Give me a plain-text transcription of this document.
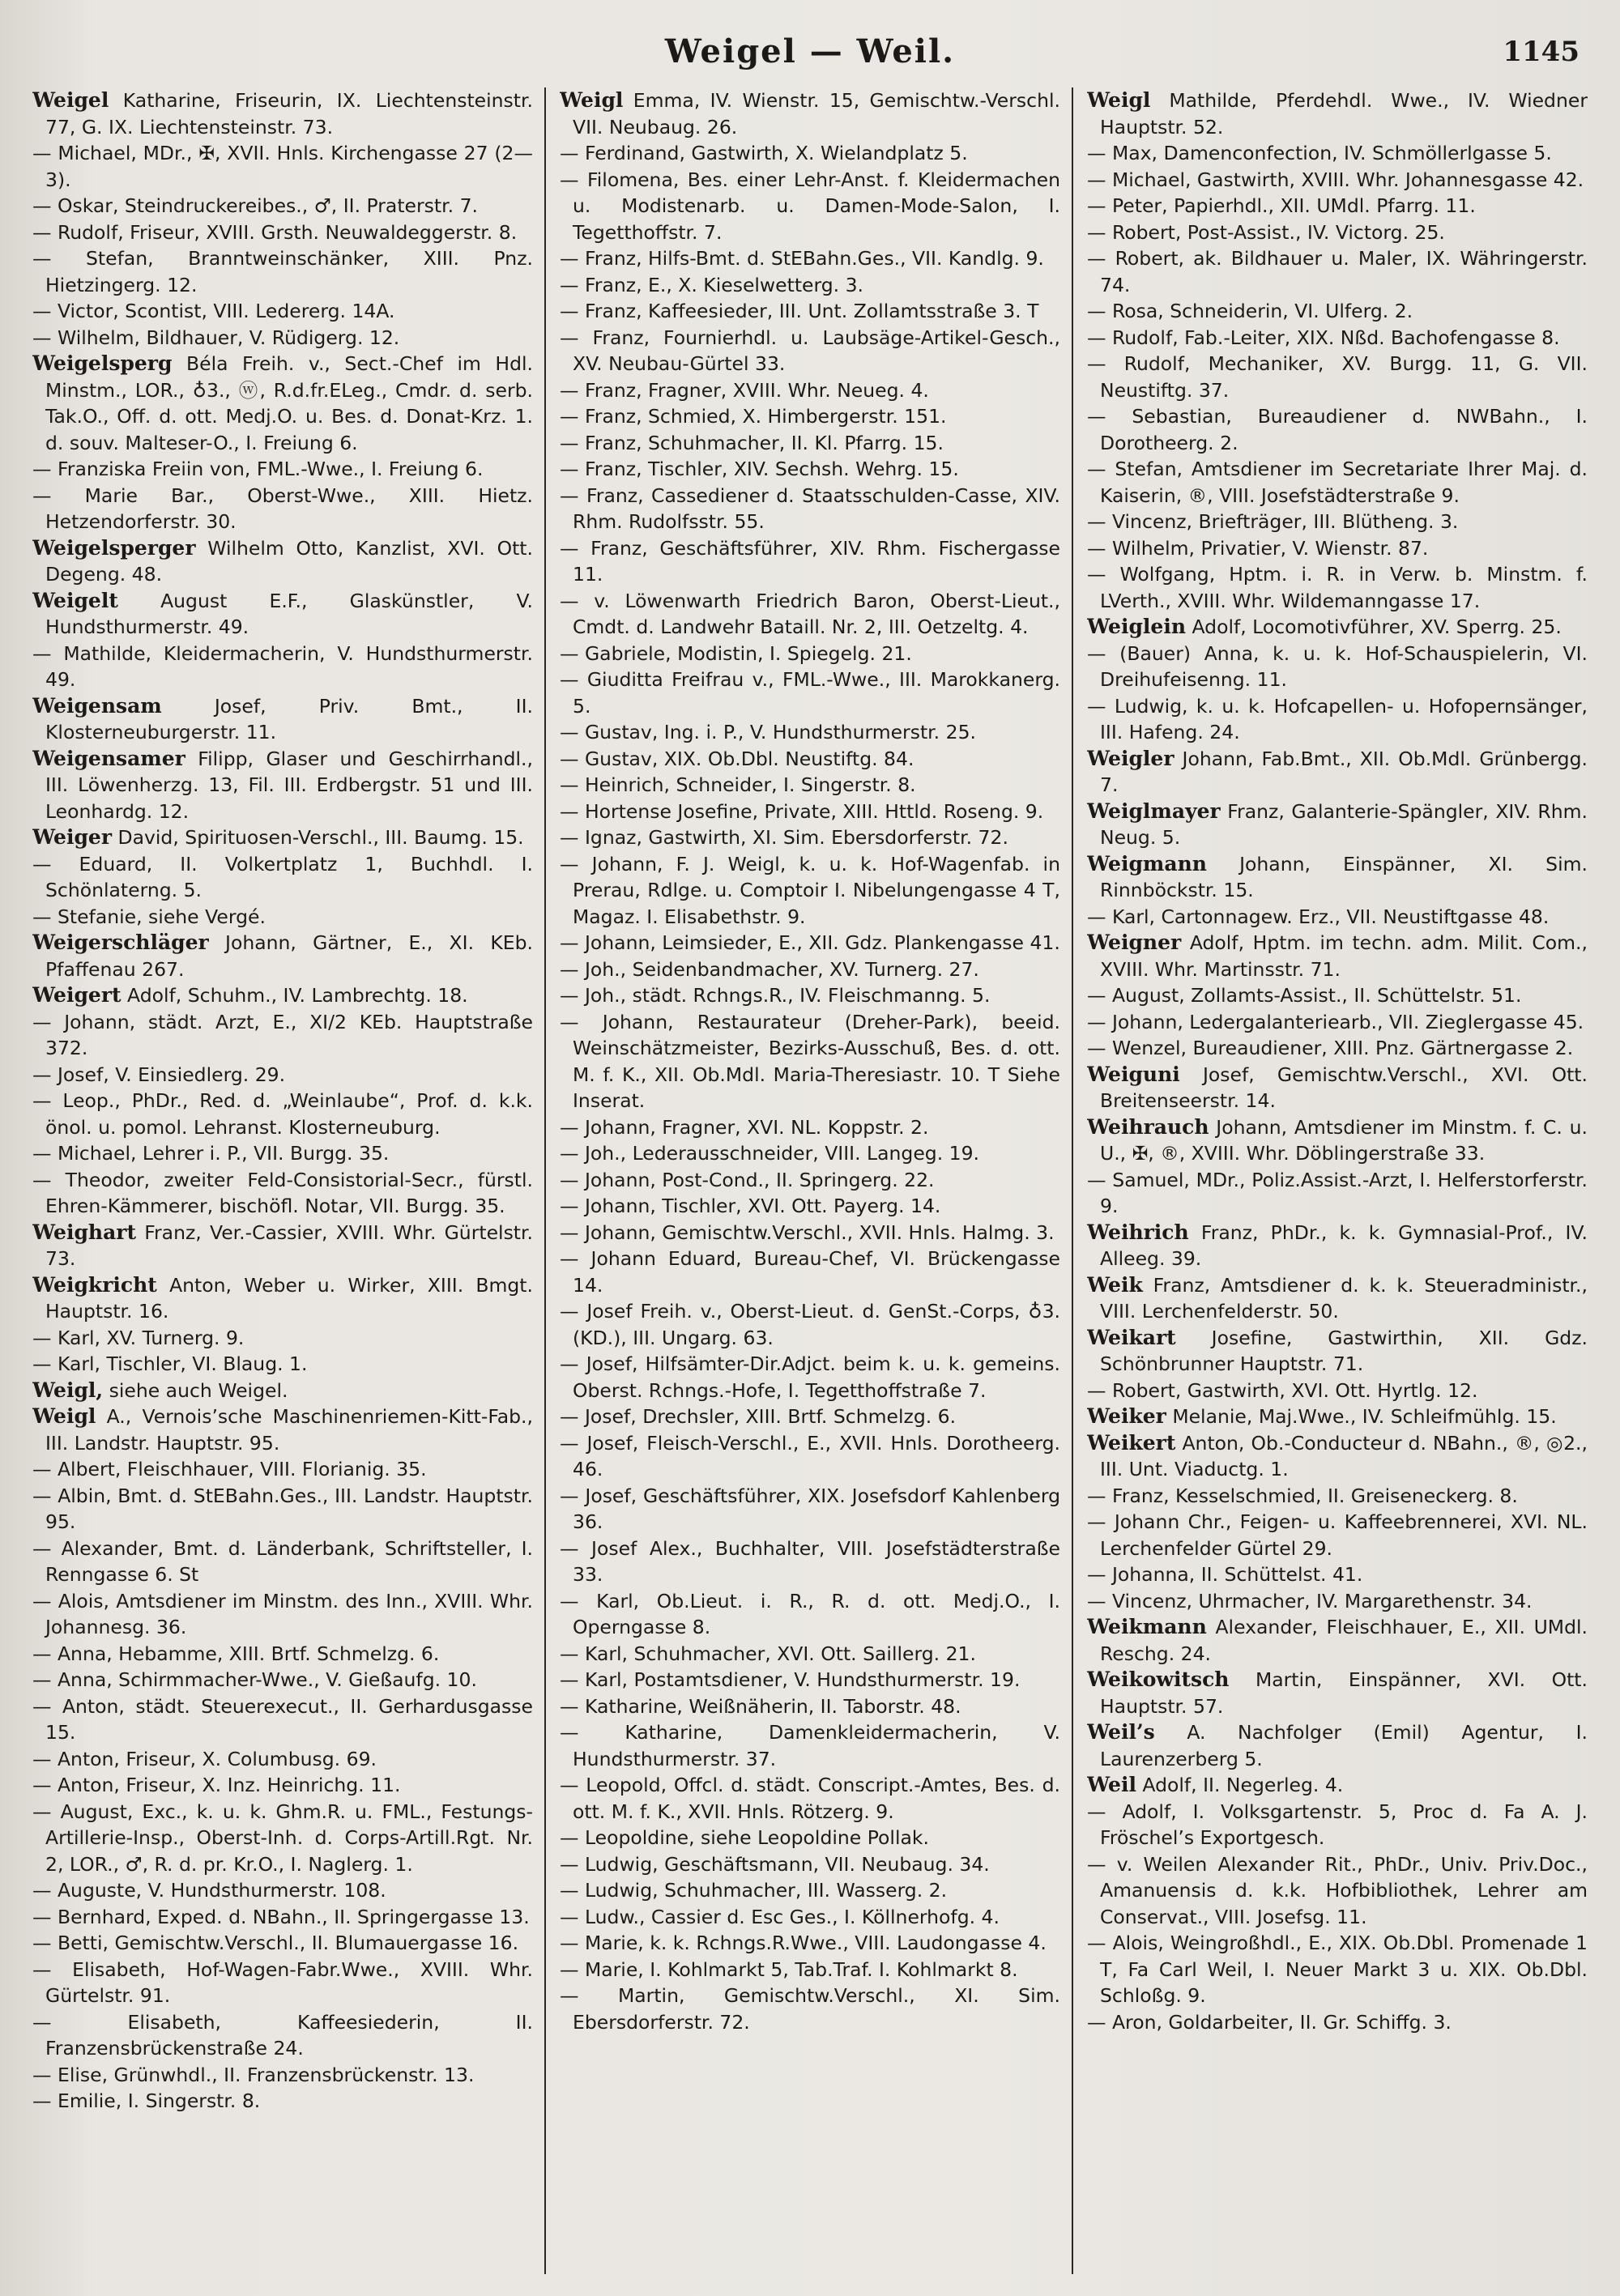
Weigel — Weil.	1145
Weigel Katharine, Friseurin, IX. Liechtensteinstr. 77, G. IX. Liechtensteinstr. 73.
— Michael, MDr., ✠, XVII. Hnls. Kirchengasse 27 (2—3).
— Oskar, Steindruckereibes., ♂, II. Praterstr. 7.
— Rudolf, Friseur, XVIII. Grsth. Neuwaldeggerstr. 8.
— Stefan, Branntweinschänker, XIII. Pnz. Hietzingerg. 12.
— Victor, Scontist, VIII. Ledererg. 14A.
— Wilhelm, Bildhauer, V. Rüdigerg. 12.
Weigelsperg Béla Freih. v., Sect.-Chef im Hdl. Minstm., LOR., ♁3., ⓦ, R.d.fr.ELeg., Cmdr. d. serb. Tak.O., Off. d. ott. Medj.O. u. Bes. d. Donat-Krz. 1. d. souv. Malteser-O., I. Freiung 6.
— Franziska Freiin von, FML.-Wwe., I. Freiung 6.
— Marie Bar., Oberst-Wwe., XIII. Hietz. Hetzendorferstr. 30.
Weigelsperger Wilhelm Otto, Kanzlist, XVI. Ott. Degeng. 48.
Weigelt August E.F., Glaskünstler, V. Hundsthurmerstr. 49.
— Mathilde, Kleidermacherin, V. Hundsthurmerstr. 49.
Weigensam	Josef, Priv. Bmt., II. Klosterneuburgerstr. 11.
Weigensamer Filipp, Glaser und Geschirrhandl., III. Löwenherzg. 13, Fil. III. Erdbergstr. 51 und III. Leonhardg. 12.
Weiger David, Spirituosen-Verschl., III. Baumg. 15.
— Eduard, II. Volkertplatz 1, Buchhdl. I. Schönlaterng. 5.
— Stefanie, siehe Vergé.
Weigerschläger Johann, Gärtner, E., XI. KEb. Pfaffenau 267.
Weigert Adolf, Schuhm., IV. Lambrechtg. 18.
— Johann, städt. Arzt, E., XI/2 KEb. Hauptstraße 372.
— Josef, V. Einsiedlerg. 29.
— Leop., PhDr., Red. d. „Weinlaube“, Prof. d. k.k. önol. u. pomol. Lehranst. Klosterneuburg.
— Michael, Lehrer i. P., VII. Burgg. 35.
— Theodor, zweiter Feld-Consistorial-Secr., fürstl. Ehren-Kämmerer, bischöfl. Notar, VII. Burgg. 35.
Weighart Franz, Ver.-Cassier, XVIII. Whr. Gürtelstr. 73.
Weigkricht Anton, Weber u. Wirker, XIII. Bmgt. Hauptstr. 16.
— Karl, XV. Turnerg. 9.
— Karl, Tischler, VI. Blaug. 1.
Weigl, siehe auch Weigel.
Weigl A., Vernois’sche Maschinenriemen-Kitt-Fab., III. Landstr. Hauptstr. 95.
— Albert, Fleischhauer, VIII. Florianig. 35.
— Albin, Bmt. d. StEBahn.Ges., III. Landstr. Hauptstr. 95.
— Alexander, Bmt. d. Länderbank, Schriftsteller, I. Renngasse 6. St
— Alois, Amtsdiener im Minstm. des Inn., XVIII. Whr. Johannesg. 36.
— Anna, Hebamme, XIII. Brtf. Schmelzg. 6.
— Anna, Schirmmacher-Wwe., V. Gießaufg. 10.
— Anton, städt. Steuerexecut., II. Gerhardusgasse 15.
— Anton, Friseur, X. Columbusg. 69.
— Anton, Friseur, X. Inz. Heinrichg. 11.
— August, Exc., k. u. k. Ghm.R. u. FML., Festungs-Artillerie-Insp., Oberst-Inh. d. Corps-Artill.Rgt. Nr. 2, LOR., ♂, R. d. pr. Kr.O., I. Naglerg. 1.
— Auguste, V. Hundsthurmerstr. 108.
— Bernhard, Exped. d. NBahn., II. Springergasse 13.
— Betti, Gemischtw.Verschl., II. Blumauergasse 16.
— Elisabeth, Hof-Wagen-Fabr.Wwe., XVIII. Whr. Gürtelstr. 91.
— Elisabeth, Kaffeesiederin, II. Franzensbrückenstraße 24.
— Elise, Grünwhdl., II. Franzensbrückenstr. 13.
— Emilie, I. Singerstr. 8.
Weigl Emma, IV. Wienstr. 15, Gemischtw.-Verschl. VII. Neubaug. 26.
— Ferdinand, Gastwirth, X. Wielandplatz 5.
— Filomena, Bes. einer Lehr-Anst. f. Kleidermachen u. Modistenarb. u. Damen-Mode-Salon, I. Tegetthoffstr. 7.
— Franz, Hilfs-Bmt. d. StEBahn.Ges., VII. Kandlg. 9.
— Franz, E., X. Kieselwetterg. 3.
— Franz, Kaffeesieder, III. Unt. Zollamtsstraße 3. T
— Franz, Fournierhdl. u. Laubsäge-Artikel-Gesch., XV. Neubau-Gürtel 33.
— Franz, Fragner, XVIII. Whr. Neueg. 4.
— Franz, Schmied, X. Himbergerstr. 151.
— Franz, Schuhmacher, II. Kl. Pfarrg. 15.
— Franz, Tischler, XIV. Sechsh. Wehrg. 15.
— Franz, Cassediener d. Staatsschulden-Casse, XIV. Rhm. Rudolfsstr. 55.
— Franz, Geschäftsführer, XIV. Rhm. Fischergasse 11.
— v. Löwenwarth Friedrich Baron, Oberst-Lieut., Cmdt. d. Landwehr Bataill. Nr. 2, III. Oetzeltg. 4.
— Gabriele, Modistin, I. Spiegelg. 21.
— Giuditta Freifrau v., FML.-Wwe., III. Marokkanerg. 5.
— Gustav, Ing. i. P., V. Hundsthurmerstr. 25.
— Gustav, XIX. Ob.Dbl. Neustiftg. 84.
— Heinrich, Schneider, I. Singerstr. 8.
— Hortense Josefine, Private, XIII. Httld. Roseng. 9.
— Ignaz, Gastwirth, XI. Sim. Ebersdorferstr. 72.
— Johann, F. J. Weigl, k. u. k. Hof-Wagenfab. in Prerau, Rdlge. u. Comptoir I. Nibelungengasse 4 T, Magaz. I. Elisabethstr. 9.
— Johann, Leimsieder, E., XII. Gdz. Plankengasse 41.
— Joh., Seidenbandmacher, XV. Turnerg. 27.
— Joh., städt. Rchngs.R., IV. Fleischmanng. 5.
— Johann, Restaurateur (Dreher-Park), beeid. Weinschätzmeister, Bezirks-Ausschuß, Bes. d. ott. M. f. K., XII. Ob.Mdl. Maria-Theresiastr. 10. T Siehe Inserat.
— Johann, Fragner, XVI. NL. Koppstr. 2.
— Joh., Lederausschneider, VIII. Langeg. 19.
— Johann, Post-Cond., II. Springerg. 22.
— Johann, Tischler, XVI. Ott. Payerg. 14.
— Johann, Gemischtw.Verschl., XVII. Hnls. Halmg. 3.
— Johann Eduard, Bureau-Chef, VI. Brückengasse 14.
— Josef Freih. v., Oberst-Lieut. d. GenSt.-Corps, ♁3. (KD.), III. Ungarg. 63.
— Josef, Hilfsämter-Dir.Adjct. beim k. u. k. gemeins. Oberst. Rchngs.-Hofe, I. Tegetthoffstraße 7.
— Josef, Drechsler, XIII. Brtf. Schmelzg. 6.
— Josef, Fleisch-Verschl., E., XVII. Hnls. Dorotheerg. 46.
— Josef, Geschäftsführer, XIX. Josefsdorf Kahlenberg 36.
— Josef Alex., Buchhalter, VIII. Josefstädterstraße 33.
— Karl, Ob.Lieut. i. R., R. d. ott. Medj.O., I. Operngasse 8.
— Karl, Schuhmacher, XVI. Ott. Saillerg. 21.
— Karl, Postamtsdiener, V. Hundsthurmerstr. 19.
— Katharine, Weißnäherin, II. Taborstr. 48.
— Katharine, Damenkleidermacherin, V. Hundsthurmerstr. 37.
— Leopold, Offcl. d. städt. Conscript.-Amtes, Bes. d. ott. M. f. K., XVII. Hnls. Rötzerg. 9.
— Leopoldine, siehe Leopoldine Pollak.
— Ludwig, Geschäftsmann, VII. Neubaug. 34.
— Ludwig, Schuhmacher, III. Wasserg. 2.
— Ludw., Cassier d. Esc Ges., I. Köllnerhofg. 4.
— Marie, k. k. Rchngs.R.Wwe., VIII. Laudongasse 4.
— Marie, I. Kohlmarkt 5, Tab.Traf. I. Kohlmarkt 8.
— Martin, Gemischtw.Verschl., XI. Sim. Ebersdorferstr. 72.
Weigl Mathilde, Pferdehdl. Wwe., IV. Wiedner Hauptstr. 52.
— Max, Damenconfection, IV. Schmöllerlgasse 5.
— Michael, Gastwirth, XVIII. Whr. Johannesgasse 42.
— Peter, Papierhdl., XII. UMdl. Pfarrg. 11.
— Robert, Post-Assist., IV. Victorg. 25.
— Robert, ak. Bildhauer u. Maler, IX. Währingerstr. 74.
— Rosa, Schneiderin, VI. Ulferg. 2.
— Rudolf, Fab.-Leiter, XIX. Nßd. Bachofengasse 8.
— Rudolf, Mechaniker, XV. Burgg. 11, G. VII. Neustiftg. 37.
— Sebastian, Bureaudiener d. NWBahn., I. Dorotheerg. 2.
— Stefan, Amtsdiener im Secretariate Ihrer Maj. d. Kaiserin, ®, VIII. Josefstädterstraße 9.
— Vincenz, Briefträger, III. Blütheng. 3.
— Wilhelm, Privatier, V. Wienstr. 87.
— Wolfgang, Hptm. i. R. in Verw. b. Minstm. f. LVerth., XVIII. Whr. Wildemanngasse 17.
Weiglein Adolf, Locomotivführer, XV. Sperrg. 25.
— (Bauer) Anna, k. u. k. Hof-Schauspielerin, VI. Dreihufeisenng. 11.
— Ludwig, k. u. k. Hofcapellen- u. Hofopernsänger, III. Hafeng. 24.
Weigler Johann, Fab.Bmt., XII. Ob.Mdl. Grünbergg. 7.
Weiglmayer Franz, Galanterie-Spängler, XIV. Rhm. Neug. 5.
Weigmann Johann, Einspänner, XI. Sim. Rinnböckstr. 15.
— Karl, Cartonnagew. Erz., VII. Neustiftgasse 48.
Weigner Adolf, Hptm. im techn. adm. Milit. Com., XVIII. Whr. Martinsstr. 71.
— August, Zollamts-Assist., II. Schüttelstr. 51.
— Johann, Ledergalanteriearb., VII. Zieglergasse 45.
— Wenzel, Bureaudiener, XIII. Pnz. Gärtnergasse 2.
Weiguni Josef, Gemischtw.Verschl., XVI. Ott. Breitenseerstr. 14.
Weihrauch Johann, Amtsdiener im Minstm. f. C. u. U., ✠, ®, XVIII. Whr. Döblingerstraße 33.
— Samuel, MDr., Poliz.Assist.-Arzt, I. Helferstorferstr. 9.
Weihrich Franz, PhDr., k. k. Gymnasial-Prof., IV. Alleeg. 39.
Weik Franz, Amtsdiener d. k. k. Steueradministr., VIII. Lerchenfelderstr. 50.
Weikart Josefine, Gastwirthin, XII. Gdz. Schönbrunner Hauptstr. 71.
— Robert, Gastwirth, XVI. Ott. Hyrtlg. 12.
Weiker Melanie, Maj.Wwe., IV. Schleifmühlg. 15.
Weikert Anton, Ob.-Conducteur d. NBahn., ®, ◎2., III. Unt. Viaductg. 1.
— Franz, Kesselschmied, II. Greiseneckerg. 8.
— Johann Chr., Feigen- u. Kaffeebrennerei, XVI. NL. Lerchenfelder Gürtel 29.
— Johanna, II. Schüttelst. 41.
— Vincenz, Uhrmacher, IV. Margarethenstr. 34.
Weikmann Alexander, Fleischhauer, E., XII. UMdl. Reschg. 24.
Weikowitsch Martin, Einspänner, XVI. Ott. Hauptstr. 57.
Weil’s A. Nachfolger (Emil) Agentur, I. Laurenzerberg 5.
Weil Adolf, II. Negerleg. 4.
— Adolf, I. Volksgartenstr. 5, Proc d. Fa A. J. Fröschel’s Exportgesch.
— v. Weilen Alexander Rit., PhDr., Univ. Priv.Doc., Amanuensis d. k.k. Hofbibliothek, Lehrer am Conservat., VIII. Josefsg. 11.
— Alois, Weingroßhdl., E., XIX. Ob.Dbl. Promenade 1 T, Fa Carl Weil, I. Neuer Markt 3 u. XIX. Ob.Dbl. Schloßg. 9.
— Aron, Goldarbeiter, II. Gr. Schiffg. 3.
